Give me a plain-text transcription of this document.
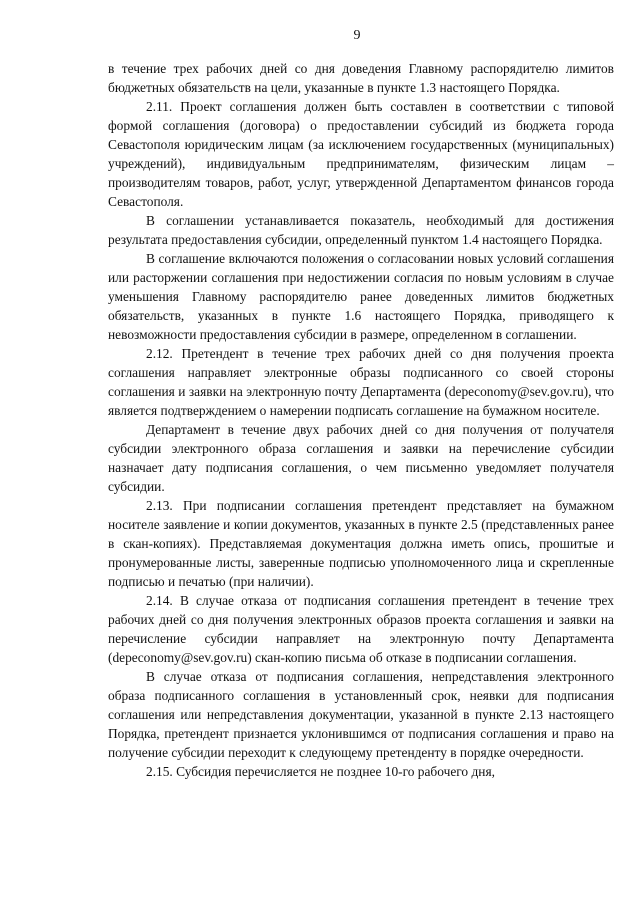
9

в течение трех рабочих дней со дня доведения Главному распорядителю лимитов бюджетных обязательств на цели, указанные в пункте 1.3 настоящего Порядка.

2.11. Проект соглашения должен быть составлен в соответствии с типовой формой соглашения (договора) о предоставлении субсидий из бюджета города Севастополя юридическим лицам (за исключением государственных (муниципальных) учреждений), индивидуальным предпринимателям, физическим лицам – производителям товаров, работ, услуг, утвержденной Департаментом финансов города Севастополя.

В соглашении устанавливается показатель, необходимый для достижения результата предоставления субсидии, определенный пунктом 1.4 настоящего Порядка.

В соглашение включаются положения о согласовании новых условий соглашения или расторжении соглашения при недостижении согласия по новым условиям в случае уменьшения Главному распорядителю ранее доведенных лимитов бюджетных обязательств, указанных в пункте 1.6 настоящего Порядка, приводящего к невозможности предоставления субсидии в размере, определенном в соглашении.

2.12. Претендент в течение трех рабочих дней со дня получения проекта соглашения направляет электронные образы подписанного со своей стороны соглашения и заявки на электронную почту Департамента (depeconomy@sev.gov.ru), что является подтверждением о намерении подписать соглашение на бумажном носителе.

Департамент в течение двух рабочих дней со дня получения от получателя субсидии электронного образа соглашения и заявки на перечисление субсидии назначает дату подписания соглашения, о чем письменно уведомляет получателя субсидии.

2.13. При подписании соглашения претендент представляет на бумажном носителе заявление и копии документов, указанных в пункте 2.5 (представленных ранее в скан-копиях). Представляемая документация должна иметь опись, прошитые и пронумерованные листы, заверенные подписью уполномоченного лица и скрепленные подписью и печатью (при наличии).

2.14. В случае отказа от подписания соглашения претендент в течение трех рабочих дней со дня получения электронных образов проекта соглашения и заявки на перечисление субсидии направляет на электронную почту Департамента (depeconomy@sev.gov.ru) скан-копию письма об отказе в подписании соглашения.

В случае отказа от подписания соглашения, непредставления электронного образа подписанного соглашения в установленный срок, неявки для подписания соглашения или непредставления документации, указанной в пункте 2.13 настоящего Порядка, претендент признается уклонившимся от подписания соглашения и право на получение субсидии переходит к следующему претенденту в порядке очередности.

2.15. Субсидия перечисляется не позднее 10-го рабочего дня,
